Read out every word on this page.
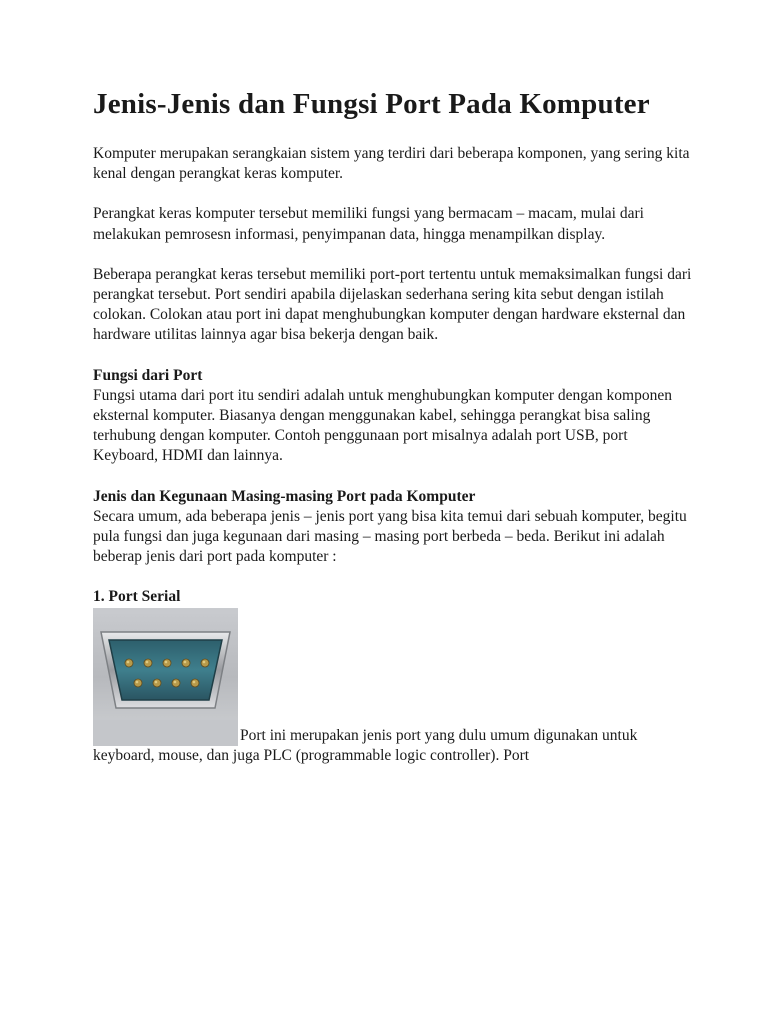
Jenis-Jenis dan Fungsi Port Pada Komputer

Komputer merupakan serangkaian sistem yang terdiri dari beberapa komponen, yang sering kita kenal dengan perangkat keras komputer.

Perangkat keras komputer tersebut memiliki fungsi yang bermacam – macam, mulai dari melakukan pemrosesn informasi, penyimpanan data, hingga menampilkan display.

Beberapa perangkat keras tersebut memiliki port-port tertentu untuk memaksimalkan fungsi dari perangkat tersebut. Port sendiri apabila dijelaskan sederhana sering kita sebut dengan istilah colokan. Colokan atau port ini dapat menghubungkan komputer dengan hardware eksternal dan hardware utilitas lainnya agar bisa bekerja dengan baik.

Fungsi dari Port
Fungsi utama dari port itu sendiri adalah untuk menghubungkan komputer dengan komponen eksternal komputer. Biasanya dengan menggunakan kabel, sehingga perangkat bisa saling terhubung dengan komputer. Contoh penggunaan port misalnya adalah port USB, port Keyboard, HDMI dan lainnya.
Jenis dan Kegunaan Masing-masing Port pada Komputer
Secara umum, ada beberapa jenis – jenis port yang bisa kita temui dari sebuah komputer, begitu pula fungsi dan juga kegunaan dari masing – masing port berbeda – beda. Berikut ini adalah beberap jenis dari port pada komputer :
1. Port Serial
Port ini merupakan jenis port yang dulu umum digunakan untuk keyboard, mouse, dan juga PLC (programmable logic controller). Port
